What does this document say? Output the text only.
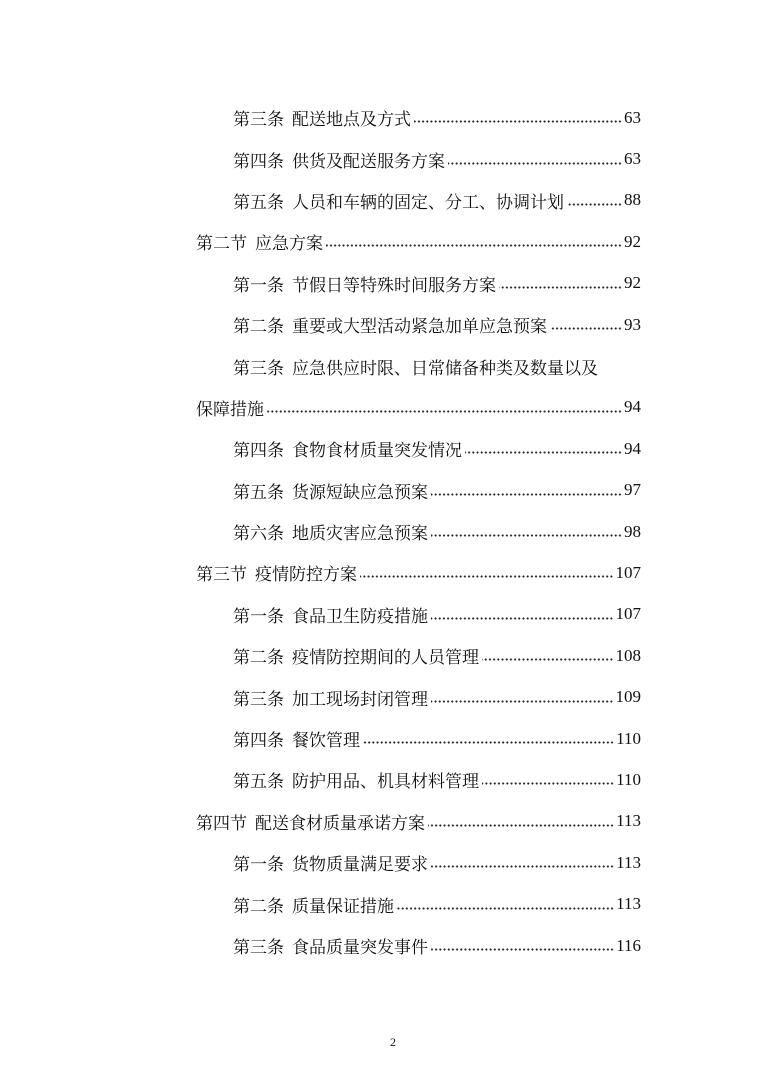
第三条 配送地点及方式	63
第四条 供货及配送服务方案	63
第五条 人员和车辆的固定、分工、协调计划	88
第二节 应急方案	92
第一条 节假日等特殊时间服务方案	92
第二条 重要或大型活动紧急加单应急预案	93
第三条 应急供应时限、日常储备种类及数量以及
保障措施	94
第四条 食物食材质量突发情况	94
第五条 货源短缺应急预案	97
第六条 地质灾害应急预案	98
第三节 疫情防控方案	107
第一条 食品卫生防疫措施	107
第二条 疫情防控期间的人员管理	108
第三条 加工现场封闭管理	109
第四条 餐饮管理	110
第五条 防护用品、机具材料管理	110
第四节 配送食材质量承诺方案	113
第一条 货物质量满足要求	113
第二条 质量保证措施	113
第三条 食品质量突发事件	116
2
